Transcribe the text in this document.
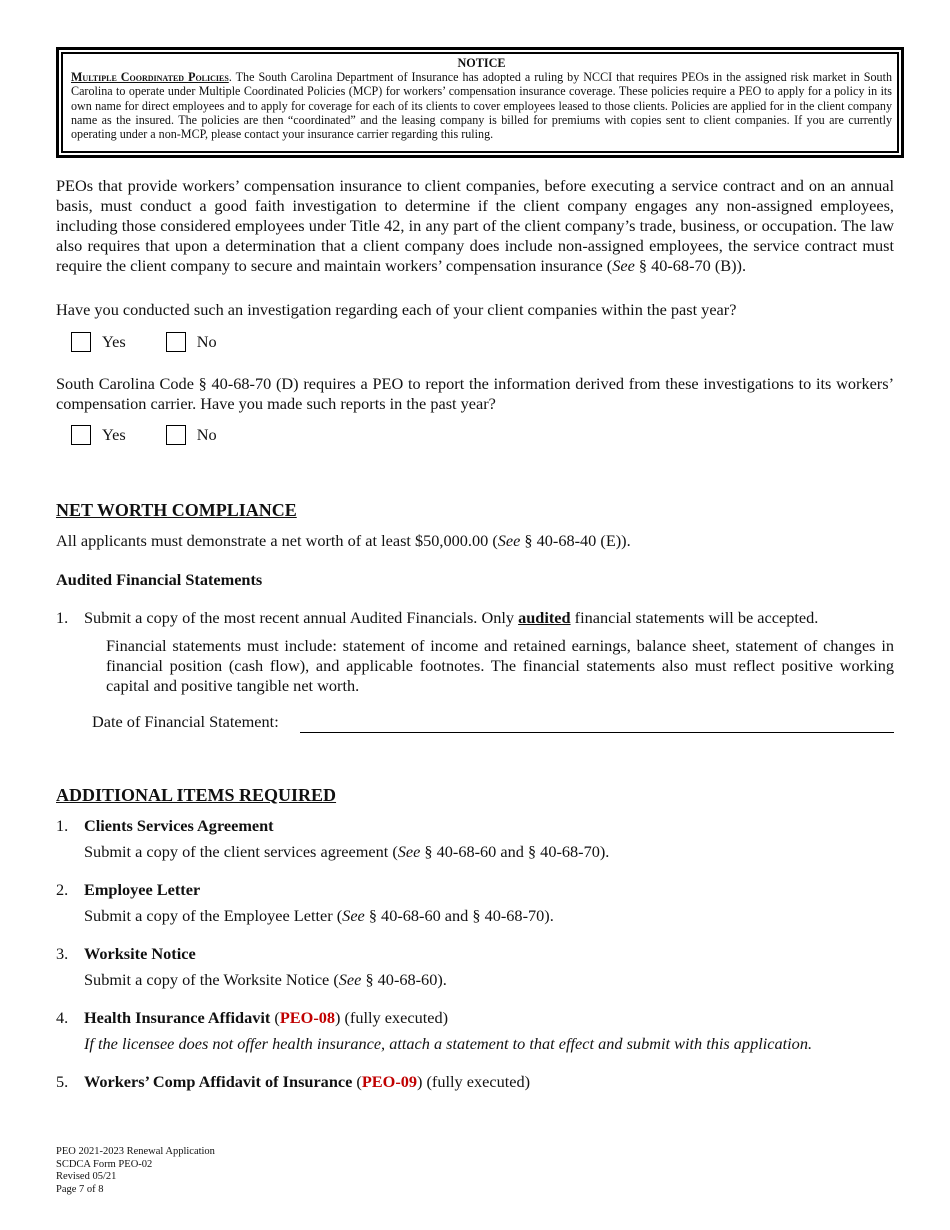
NOTICE
Multiple Coordinated Policies. The South Carolina Department of Insurance has adopted a ruling by NCCI that requires PEOs in the assigned risk market in South Carolina to operate under Multiple Coordinated Policies (MCP) for workers’ compensation insurance coverage. These policies require a PEO to apply for a policy in its own name for direct employees and to apply for coverage for each of its clients to cover employees leased to those clients. Policies are applied for in the client company name as the insured. The policies are then “coordinated” and the leasing company is billed for premiums with copies sent to client companies. If you are currently operating under a non-MCP, please contact your insurance carrier regarding this ruling.
PEOs that provide workers’ compensation insurance to client companies, before executing a service contract and on an annual basis, must conduct a good faith investigation to determine if the client company engages any non-assigned employees, including those considered employees under Title 42, in any part of the client company’s trade, business, or occupation. The law also requires that upon a determination that a client company does include non-assigned employees, the service contract must require the client company to secure and maintain workers’ compensation insurance (See § 40-68-70 (B)).
Have you conducted such an investigation regarding each of your client companies within the past year?
Yes	No
South Carolina Code § 40-68-70 (D) requires a PEO to report the information derived from these investigations to its workers’ compensation carrier. Have you made such reports in the past year?
Yes	No
NET WORTH COMPLIANCE
All applicants must demonstrate a net worth of at least $50,000.00 (See § 40-68-40 (E)).
Audited Financial Statements
1. Submit a copy of the most recent annual Audited Financials. Only audited financial statements will be accepted.
Financial statements must include: statement of income and retained earnings, balance sheet, statement of changes in financial position (cash flow), and applicable footnotes. The financial statements also must reflect positive working capital and positive tangible net worth.
Date of Financial Statement:
ADDITIONAL ITEMS REQUIRED
1. Clients Services Agreement
Submit a copy of the client services agreement (See § 40-68-60 and § 40-68-70).
2. Employee Letter
Submit a copy of the Employee Letter (See § 40-68-60 and § 40-68-70).
3. Worksite Notice
Submit a copy of the Worksite Notice (See § 40-68-60).
4. Health Insurance Affidavit (PEO-08) (fully executed)
If the licensee does not offer health insurance, attach a statement to that effect and submit with this application.
5. Workers’ Comp Affidavit of Insurance (PEO-09) (fully executed)
PEO 2021-2023 Renewal Application
SCDCA Form PEO-02
Revised 05/21
Page 7 of 8
